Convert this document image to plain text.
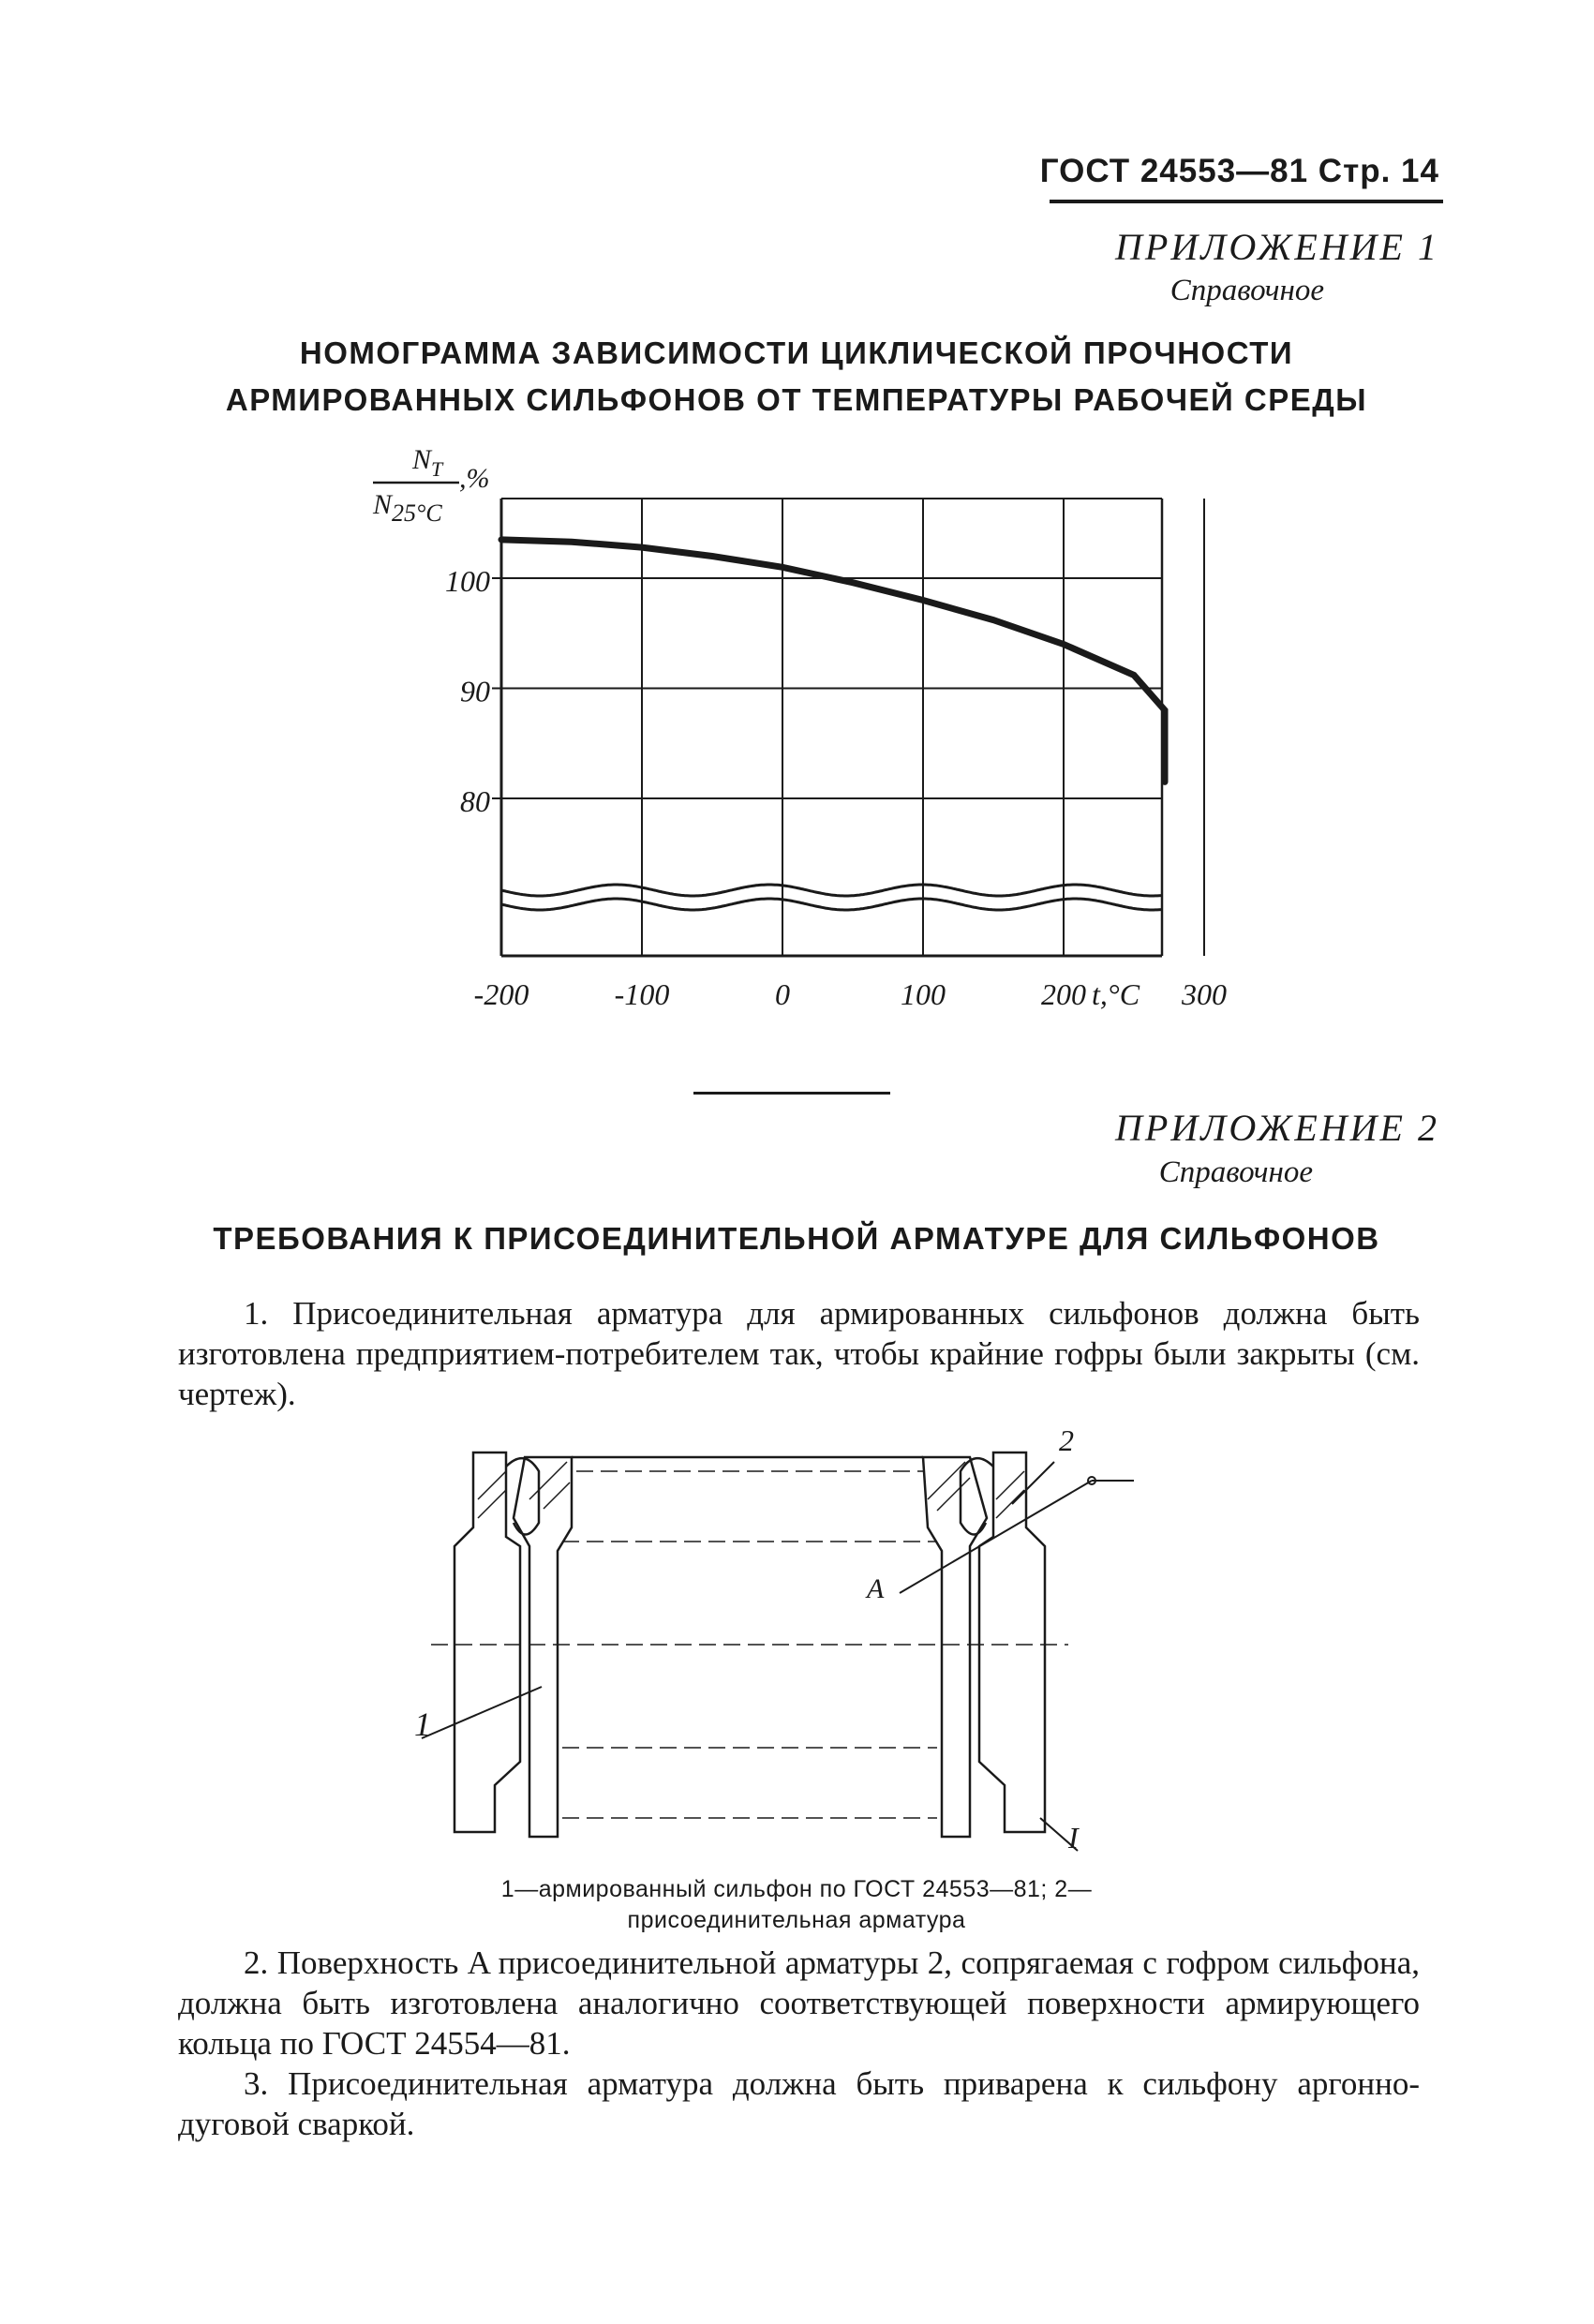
ГОСТ 24553—81 Стр. 14
ПРИЛОЖЕНИЕ 1
Справочное
НОМОГРАММА ЗАВИСИМОСТИ ЦИКЛИЧЕСКОЙ ПРОЧНОСТИ
АРМИРОВАННЫХ СИЛЬФОНОВ ОТ ТЕМПЕРАТУРЫ РАБОЧЕЙ СРЕДЫ
100
90
80
-200	-100	0	100	200	300
$N_T$
N25°C
,%
t,°C
ПРИЛОЖЕНИЕ 2
Справочное
ТРЕБОВАНИЯ К ПРИСОЕДИНИТЕЛЬНОЙ АРМАТУРЕ ДЛЯ СИЛЬФОНОВ
1. Присоединительная арматура для армированных сильфонов должна быть изготовлена предприятием-потребителем так, чтобы крайние гофры были закрыты (см. чертеж).
2
A
1
I
1—армированный сильфон по ГОСТ 24553—81; 2—
присоединительная арматура
2. Поверхность A присоединительной арматуры 2, сопрягаемая с гофром сильфона, должна быть изготовлена аналогично соответствующей поверхности армирующего кольца по ГОСТ 24554—81.
3. Присоединительная арматура должна быть приварена к сильфону аргонно-дуговой сваркой.
